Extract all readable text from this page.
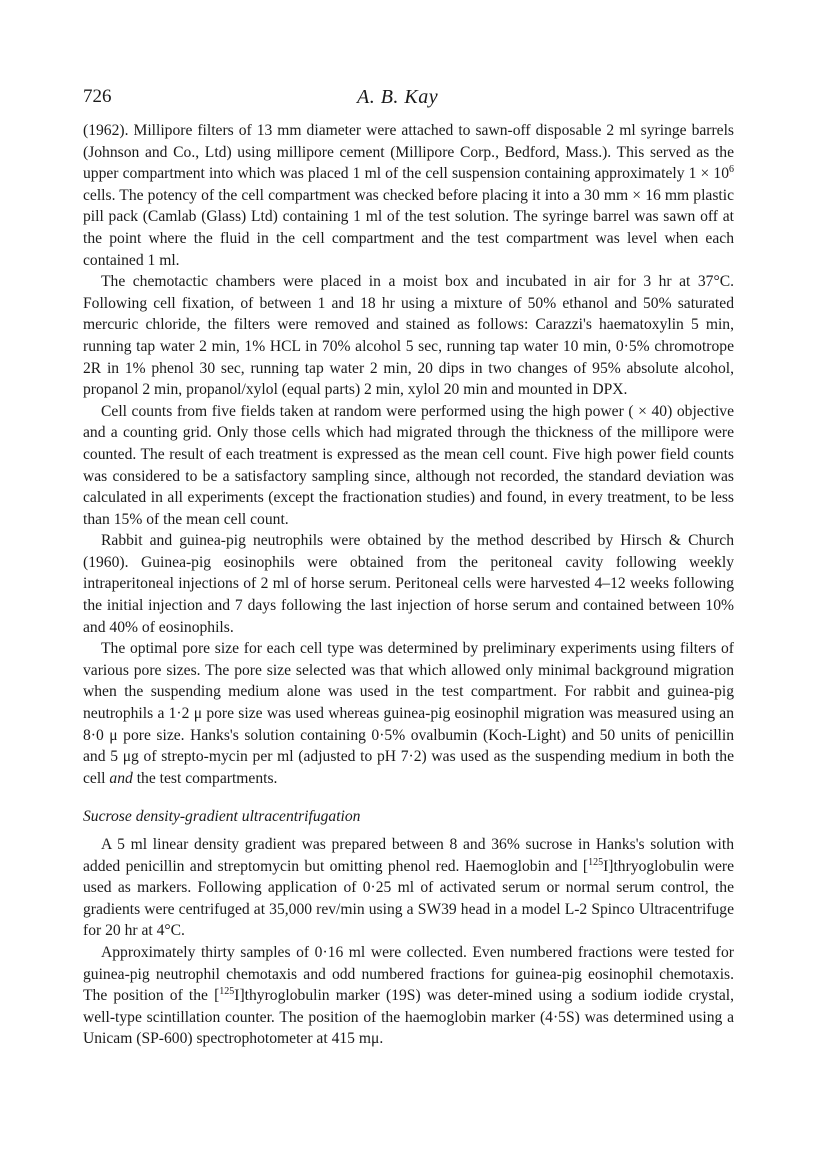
726	A. B. Kay

(1962). Millipore filters of 13 mm diameter were attached to sawn-off disposable 2 ml syringe barrels (Johnson and Co., Ltd) using millipore cement (Millipore Corp., Bedford, Mass.). This served as the upper compartment into which was placed 1 ml of the cell suspension containing approximately $1 \times 10^6$ cells. The potency of the cell compartment was checked before placing it into a 30 mm × 16 mm plastic pill pack (Camlab (Glass) Ltd) containing 1 ml of the test solution. The syringe barrel was sawn off at the point where the fluid in the cell compartment and the test compartment was level when each contained 1 ml.

The chemotactic chambers were placed in a moist box and incubated in air for 3 hr at 37°C. Following cell fixation, of between 1 and 18 hr using a mixture of 50% ethanol and 50% saturated mercuric chloride, the filters were removed and stained as follows: Carazzi's haematoxylin 5 min, running tap water 2 min, 1% HCL in 70% alcohol 5 sec, running tap water 10 min, 0·5% chromotrope 2R in 1% phenol 30 sec, running tap water 2 min, 20 dips in two changes of 95% absolute alcohol, propanol 2 min, propanol/xylol (equal parts) 2 min, xylol 20 min and mounted in DPX.

Cell counts from five fields taken at random were performed using the high power ( × 40) objective and a counting grid. Only those cells which had migrated through the thickness of the millipore were counted. The result of each treatment is expressed as the mean cell count. Five high power field counts was considered to be a satisfactory sampling since, although not recorded, the standard deviation was calculated in all experiments (except the fractionation studies) and found, in every treatment, to be less than 15% of the mean cell count.

Rabbit and guinea-pig neutrophils were obtained by the method described by Hirsch & Church (1960). Guinea-pig eosinophils were obtained from the peritoneal cavity following weekly intraperitoneal injections of 2 ml of horse serum. Peritoneal cells were harvested 4–12 weeks following the initial injection and 7 days following the last injection of horse serum and contained between 10% and 40% of eosinophils.

The optimal pore size for each cell type was determined by preliminary experiments using filters of various pore sizes. The pore size selected was that which allowed only minimal background migration when the suspending medium alone was used in the test compartment. For rabbit and guinea-pig neutrophils a 1·2 μ pore size was used whereas guinea-pig eosinophil migration was measured using an 8·0 μ pore size. Hanks's solution containing 0·5% ovalbumin (Koch-Light) and 50 units of penicillin and 5 μg of strepto-mycin per ml (adjusted to pH 7·2) was used as the suspending medium in both the cell and the test compartments.

Sucrose density-gradient ultracentrifugation

A 5 ml linear density gradient was prepared between 8 and 36% sucrose in Hanks's solution with added penicillin and streptomycin but omitting phenol red. Haemoglobin and [$^{125}$I]thryoglobulin were used as markers. Following application of 0·25 ml of activated serum or normal serum control, the gradients were centrifuged at 35,000 rev/min using a SW39 head in a model L-2 Spinco Ultracentrifuge for 20 hr at 4°C.

Approximately thirty samples of 0·16 ml were collected. Even numbered fractions were tested for guinea-pig neutrophil chemotaxis and odd numbered fractions for guinea-pig eosinophil chemotaxis. The position of the [$^{125}$I]thyroglobulin marker (19S) was deter-mined using a sodium iodide crystal, well-type scintillation counter. The position of the haemoglobin marker (4·5S) was determined using a Unicam (SP-600) spectrophotometer at 415 mμ.
